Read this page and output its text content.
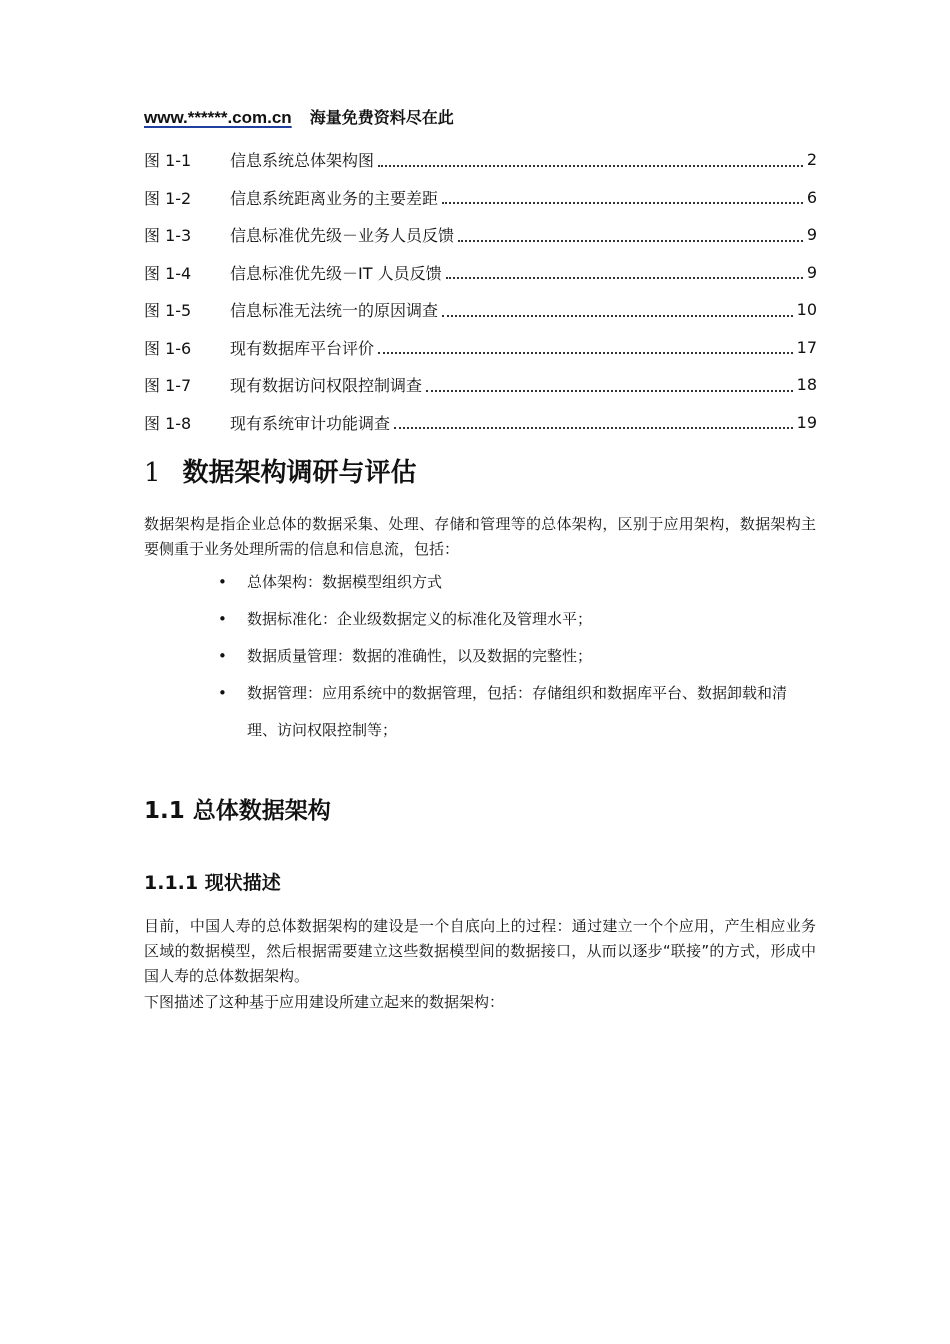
www.******.com.cn 海量免费资料尽在此
图 1-1	信息系统总体架构图	2
图 1-2	信息系统距离业务的主要差距	6
图 1-3	信息标准优先级－业务人员反馈	9
图 1-4	信息标准优先级－IT 人员反馈	9
图 1-5	信息标准无法统一的原因调查	10
图 1-6	现有数据库平台评价	17
图 1-7	现有数据访问权限控制调查	18
图 1-8	现有系统审计功能调查	19
1 数据架构调研与评估
数据架构是指企业总体的数据采集、处理、存储和管理等的总体架构，区别于应用架构，数据架构主要侧重于业务处理所需的信息和信息流，包括：
• 总体架构：数据模型组织方式
• 数据标准化：企业级数据定义的标准化及管理水平；
• 数据质量管理：数据的准确性，以及数据的完整性；
• 数据管理：应用系统中的数据管理，包括：存储组织和数据库平台、数据卸载和清理、访问权限控制等；
1.1 总体数据架构
1.1.1 现状描述
目前，中国人寿的总体数据架构的建设是一个自底向上的过程：通过建立一个个应用，产生相应业务区域的数据模型，然后根据需要建立这些数据模型间的数据接口，从而以逐步“联接”的方式，形成中国人寿的总体数据架构。
下图描述了这种基于应用建设所建立起来的数据架构：
